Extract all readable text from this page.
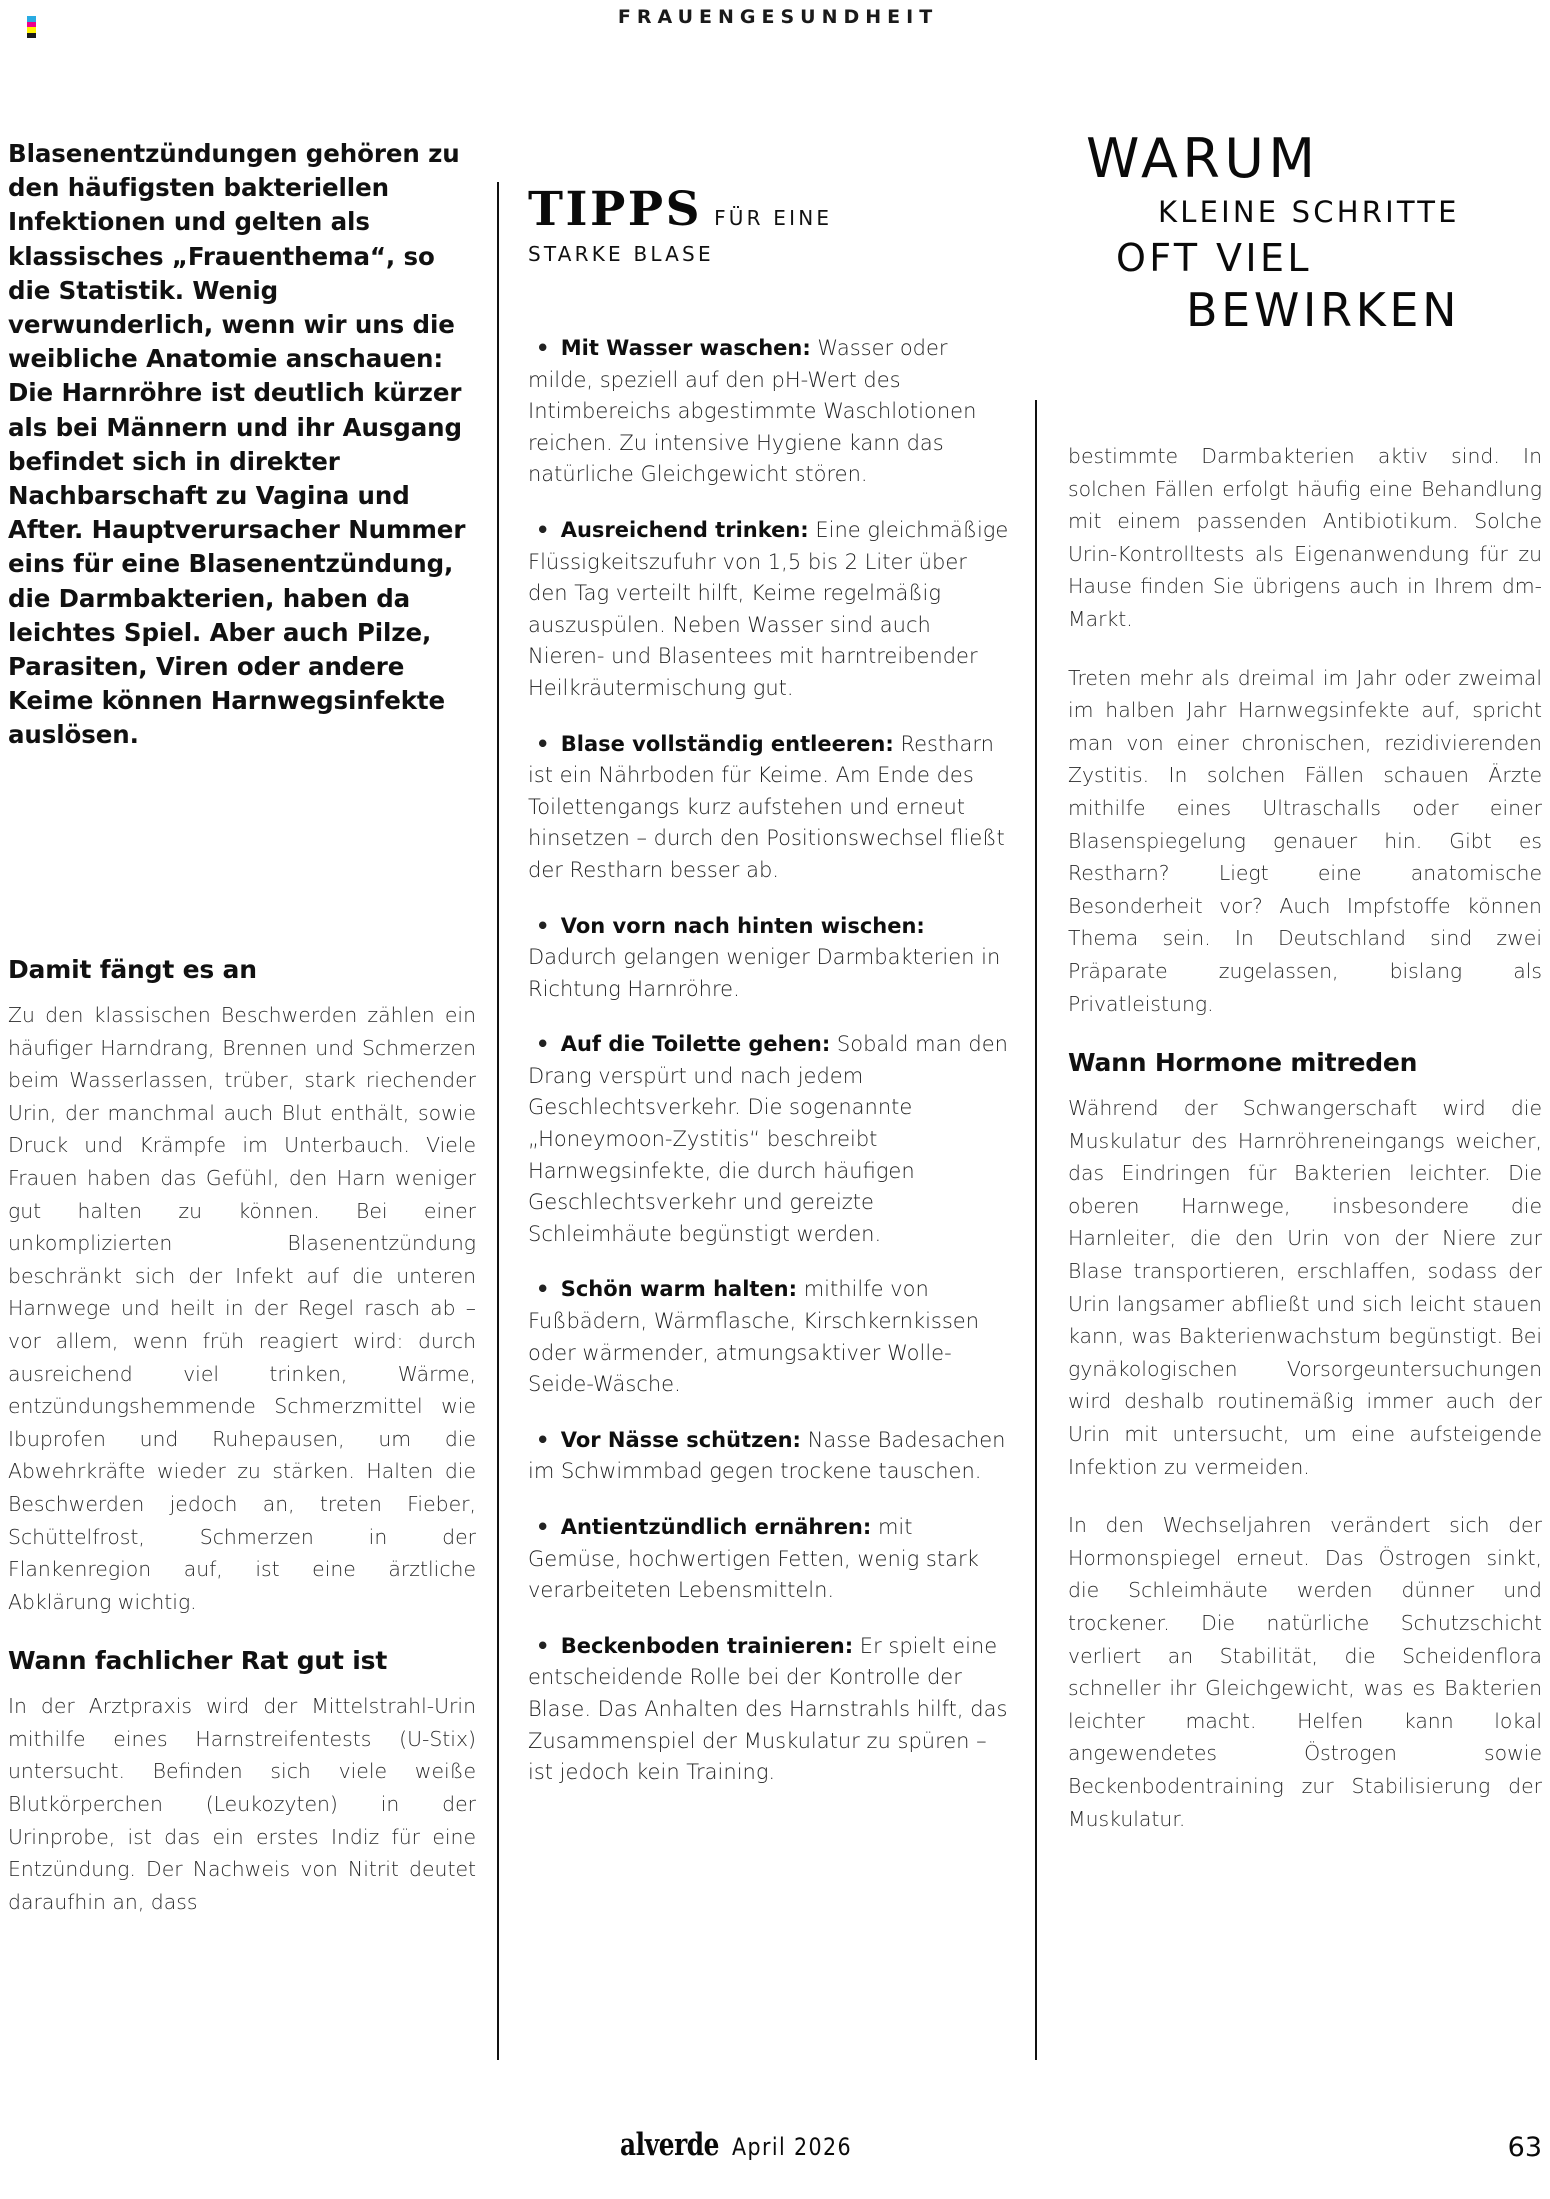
FRAUENGESUNDHEIT
Blasenentzündungen gehören zu den häufigsten bakteriellen Infektionen und gelten als klassisches „Frauenthema“, so die Statistik. Wenig verwunderlich, wenn wir uns die weibliche Anatomie anschauen: Die Harnröhre ist deutlich kürzer als bei Männern und ihr Ausgang befindet sich in direkter Nachbarschaft zu Vagina und After. Hauptverursacher Nummer eins für eine Blasenentzündung, die Darmbakterien, haben da leichtes Spiel. Aber auch Pilze, Parasiten, Viren oder andere Keime können Harnwegsinfekte auslösen.
Damit fängt es an

Zu den klassischen Beschwerden zählen ein häufiger Harndrang, Brennen und Schmerzen beim Wasserlassen, trüber, stark riechender Urin, der manchmal auch Blut enthält, sowie Druck und Krämpfe im Unterbauch. Viele Frauen haben das Gefühl, den Harn weniger gut halten zu können. Bei einer unkomplizierten Blasenentzündung beschränkt sich der Infekt auf die unteren Harnwege und heilt in der Regel rasch ab – vor allem, wenn früh reagiert wird: durch ausreichend viel trinken, Wärme, entzündungshemmende Schmerzmittel wie Ibuprofen und Ruhepausen, um die Abwehrkräfte wieder zu stärken. Halten die Beschwerden jedoch an, treten Fieber, Schüttelfrost, Schmerzen in der Flankenregion auf, ist eine ärztliche Abklärung wichtig.

Wann fachlicher Rat gut ist

In der Arztpraxis wird der Mittelstrahl-Urin mithilfe eines Harnstreifentests (U-Stix) untersucht. Befinden sich viele weiße Blutkörperchen (Leukozyten) in der Urinprobe, ist das ein erstes Indiz für eine Entzündung. Der Nachweis von Nitrit deutet daraufhin an, dass

TIPPS FÜR EINE
STARKE BLASE

• Mit Wasser waschen: Wasser oder milde, speziell auf den pH-Wert des Intimbereichs abgestimmte Waschlotionen reichen. Zu intensive Hygiene kann das natürliche Gleichgewicht stören.

• Ausreichend trinken: Eine gleichmäßige Flüssigkeitszufuhr von 1,5 bis 2 Liter über den Tag verteilt hilft, Keime regelmäßig auszuspülen. Neben Wasser sind auch Nieren- und Blasentees mit harntreibender Heilkräutermischung gut.

• Blase vollständig entleeren: Restharn ist ein Nährboden für Keime. Am Ende des Toilettengangs kurz aufstehen und erneut hinsetzen – durch den Positionswechsel fließt der Restharn besser ab.

• Von vorn nach hinten wischen: Dadurch gelangen weniger Darmbakterien in Richtung Harnröhre.

• Auf die Toilette gehen: Sobald man den Drang verspürt und nach jedem Geschlechtsverkehr. Die sogenannte „Honeymoon-Zystitis“ beschreibt Harnwegsinfekte, die durch häufigen Geschlechtsverkehr und gereizte Schleimhäute begünstigt werden.

• Schön warm halten: mithilfe von Fußbädern, Wärmflasche, Kirschkernkissen oder wärmender, atmungsaktiver Wolle-Seide-Wäsche.

• Vor Nässe schützen: Nasse Badesachen im Schwimmbad gegen trockene tauschen.

• Antientzündlich ernähren: mit Gemüse, hochwertigen Fetten, wenig stark verarbeiteten Lebensmitteln.

• Beckenboden trainieren: Er spielt eine entscheidende Rolle bei der Kontrolle der Blase. Das Anhalten des Harnstrahls hilft, das Zusammenspiel der Muskulatur zu spüren – ist jedoch kein Training.

WARUM
KLEINE SCHRITTE
OFT VIEL
BEWIRKEN

bestimmte Darmbakterien aktiv sind. In solchen Fällen erfolgt häufig eine Behandlung mit einem passenden Antibiotikum. Solche Urin-Kontrolltests als Eigenanwendung für zu Hause finden Sie übrigens auch in Ihrem dm-Markt.

Treten mehr als dreimal im Jahr oder zweimal im halben Jahr Harnwegsinfekte auf, spricht man von einer chronischen, rezidivierenden Zystitis. In solchen Fällen schauen Ärzte mithilfe eines Ultraschalls oder einer Blasenspiegelung genauer hin. Gibt es Restharn? Liegt eine anatomische Besonderheit vor? Auch Impfstoffe können Thema sein. In Deutschland sind zwei Präparate zugelassen, bislang als Privatleistung.

Wann Hormone mitreden

Während der Schwangerschaft wird die Muskulatur des Harnröhreneingangs weicher, das Eindringen für Bakterien leichter. Die oberen Harnwege, insbesondere die Harnleiter, die den Urin von der Niere zur Blase transportieren, erschlaffen, sodass der Urin langsamer abfließt und sich leicht stauen kann, was Bakterienwachstum begünstigt. Bei gynäkologischen Vorsorgeuntersuchungen wird deshalb routinemäßig immer auch der Urin mit untersucht, um eine aufsteigende Infektion zu vermeiden.

In den Wechseljahren verändert sich der Hormonspiegel erneut. Das Östrogen sinkt, die Schleimhäute werden dünner und trockener. Die natürliche Schutzschicht verliert an Stabilität, die Scheidenflora schneller ihr Gleichgewicht, was es Bakterien leichter macht. Helfen kann lokal angewendetes Östrogen sowie Beckenbodentraining zur Stabilisierung der Muskulatur.

alverde April 2026	63
